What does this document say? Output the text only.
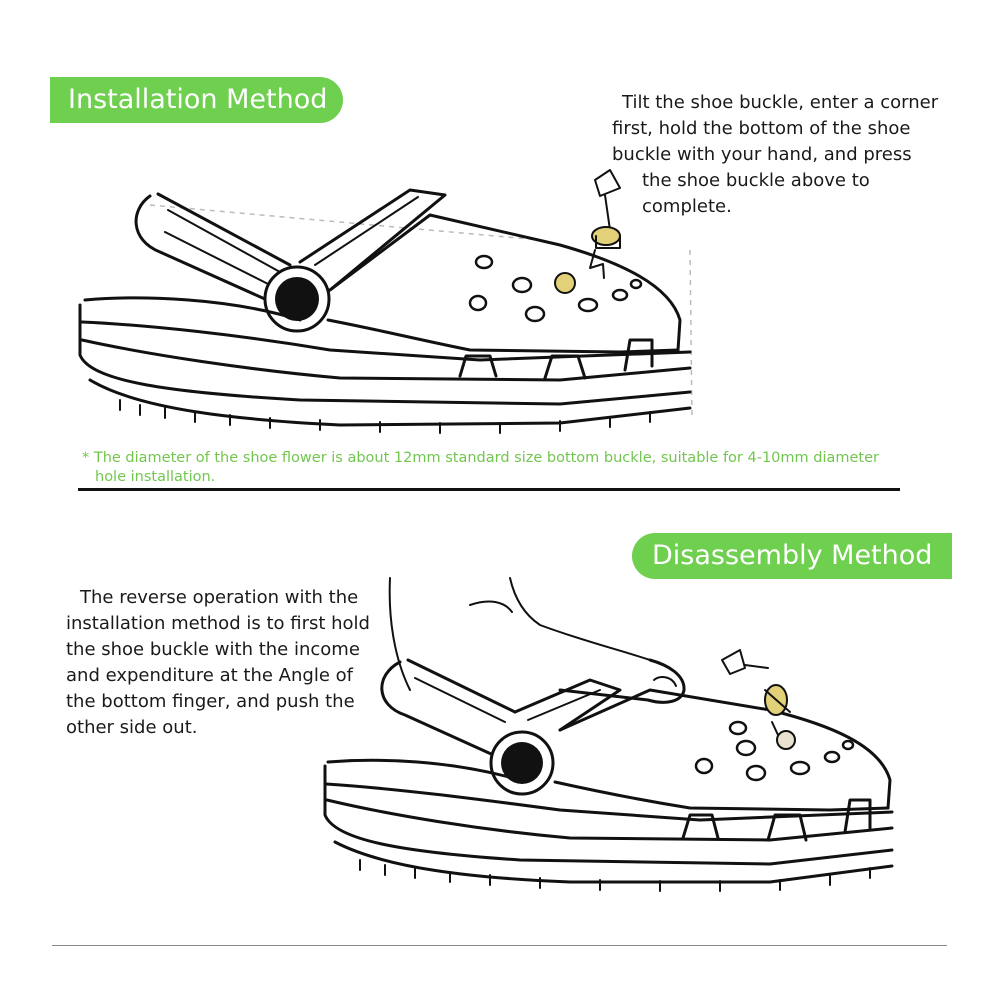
Installation Method	Tilt the shoe buckle, enter a corner
first, hold the bottom of the shoe
buckle with your hand, and press
the shoe buckle above to
complete.
* The diameter of the shoe flower is about 12mm standard size bottom buckle, suitable for 4-10mm diameter
hole installation.
Disassembly Method
The reverse operation with the
installation method is to first hold
the shoe buckle with the income
and expenditure at the Angle of
the bottom finger, and push the
other side out.
